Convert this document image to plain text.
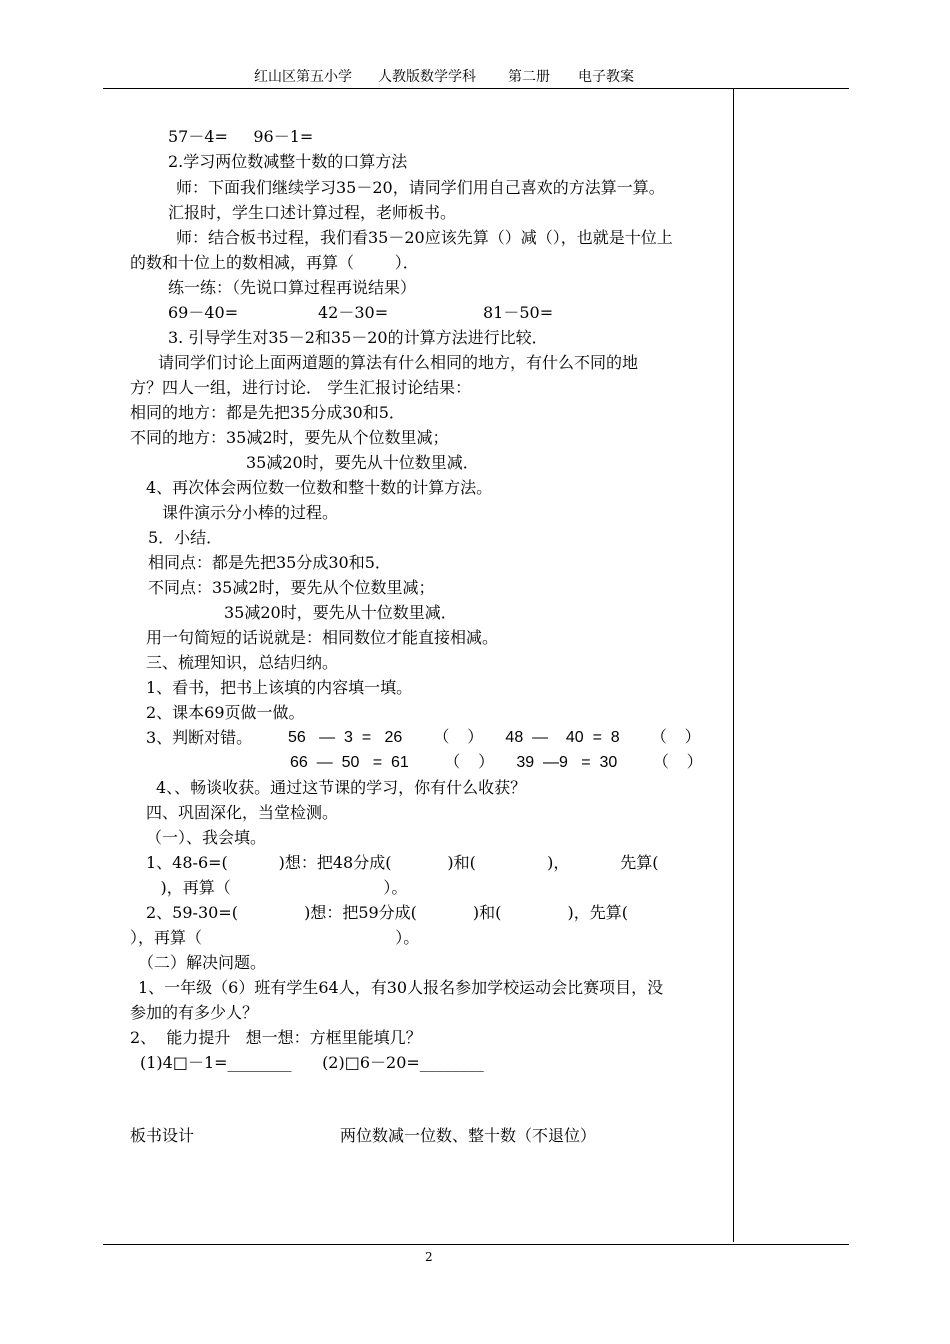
红山区第五小学 人教版数学学科 第二册 电子教案
57－4=     96－1=
2.学习两位数减整十数的口算方法
师：下面我们继续学习35－20，请同学们用自己喜欢的方法算一算。
汇报时，学生口述计算过程，老师板书。
师：结合板书过程，我们看35－20应该先算（）减（），也就是十位上
的数和十位上的数相减，再算（        ）．
练一练：（先说口算过程再说结果）
69－40=	42－30=	81－50=
3. 引导学生对35－2和35－20的计算方法进行比较．
请同学们讨论上面两道题的算法有什么相同的地方，有什么不同的地
方？四人一组，进行讨论． 学生汇报讨论结果：
相同的地方：都是先把35分成30和5．
不同的地方：35减2时，要先从个位数里减；
35减20时，要先从十位数里减．
4、再次体会两位数一位数和整十数的计算方法。
课件演示分小棒的过程。
5．小结．
相同点：都是先把35分成30和5．
不同点：35减2时，要先从个位数里减；
35减20时，要先从十位数里减．
用一句简短的话说就是：相同数位才能直接相减。
三、梳理知识，总结归纳。
1、看书，把书上该填的内容填一填。
2、课本69页做一做。
3、判断对错。 56   —  3  =   26       （    ）     48  —    40  =  8       （    ）
66  —  50   =  61        （    ）     39  —9   =  30        （    ）
4、、畅谈收获。通过这节课的学习，你有什么收获？
四、巩固深化，当堂检测。
（一）、我会填。
1、48-6=(          )想：把48分成(           )和(              )，          先算(
)，再算（                              ）。
2、59-30=(             )想：把59分成(           )和(             )，先算(
），再算（                                      ）。
（二）解决问题。
1、一年级（6）班有学生64人，有30人报名参加学校运动会比赛项目，没
参加的有多少人？
2、  能力提升   想一想：方框里能填几？
(1)4□－1=________      (2)□6－20=________
板书设计	两位数减一位数、整十数（不退位）
2
